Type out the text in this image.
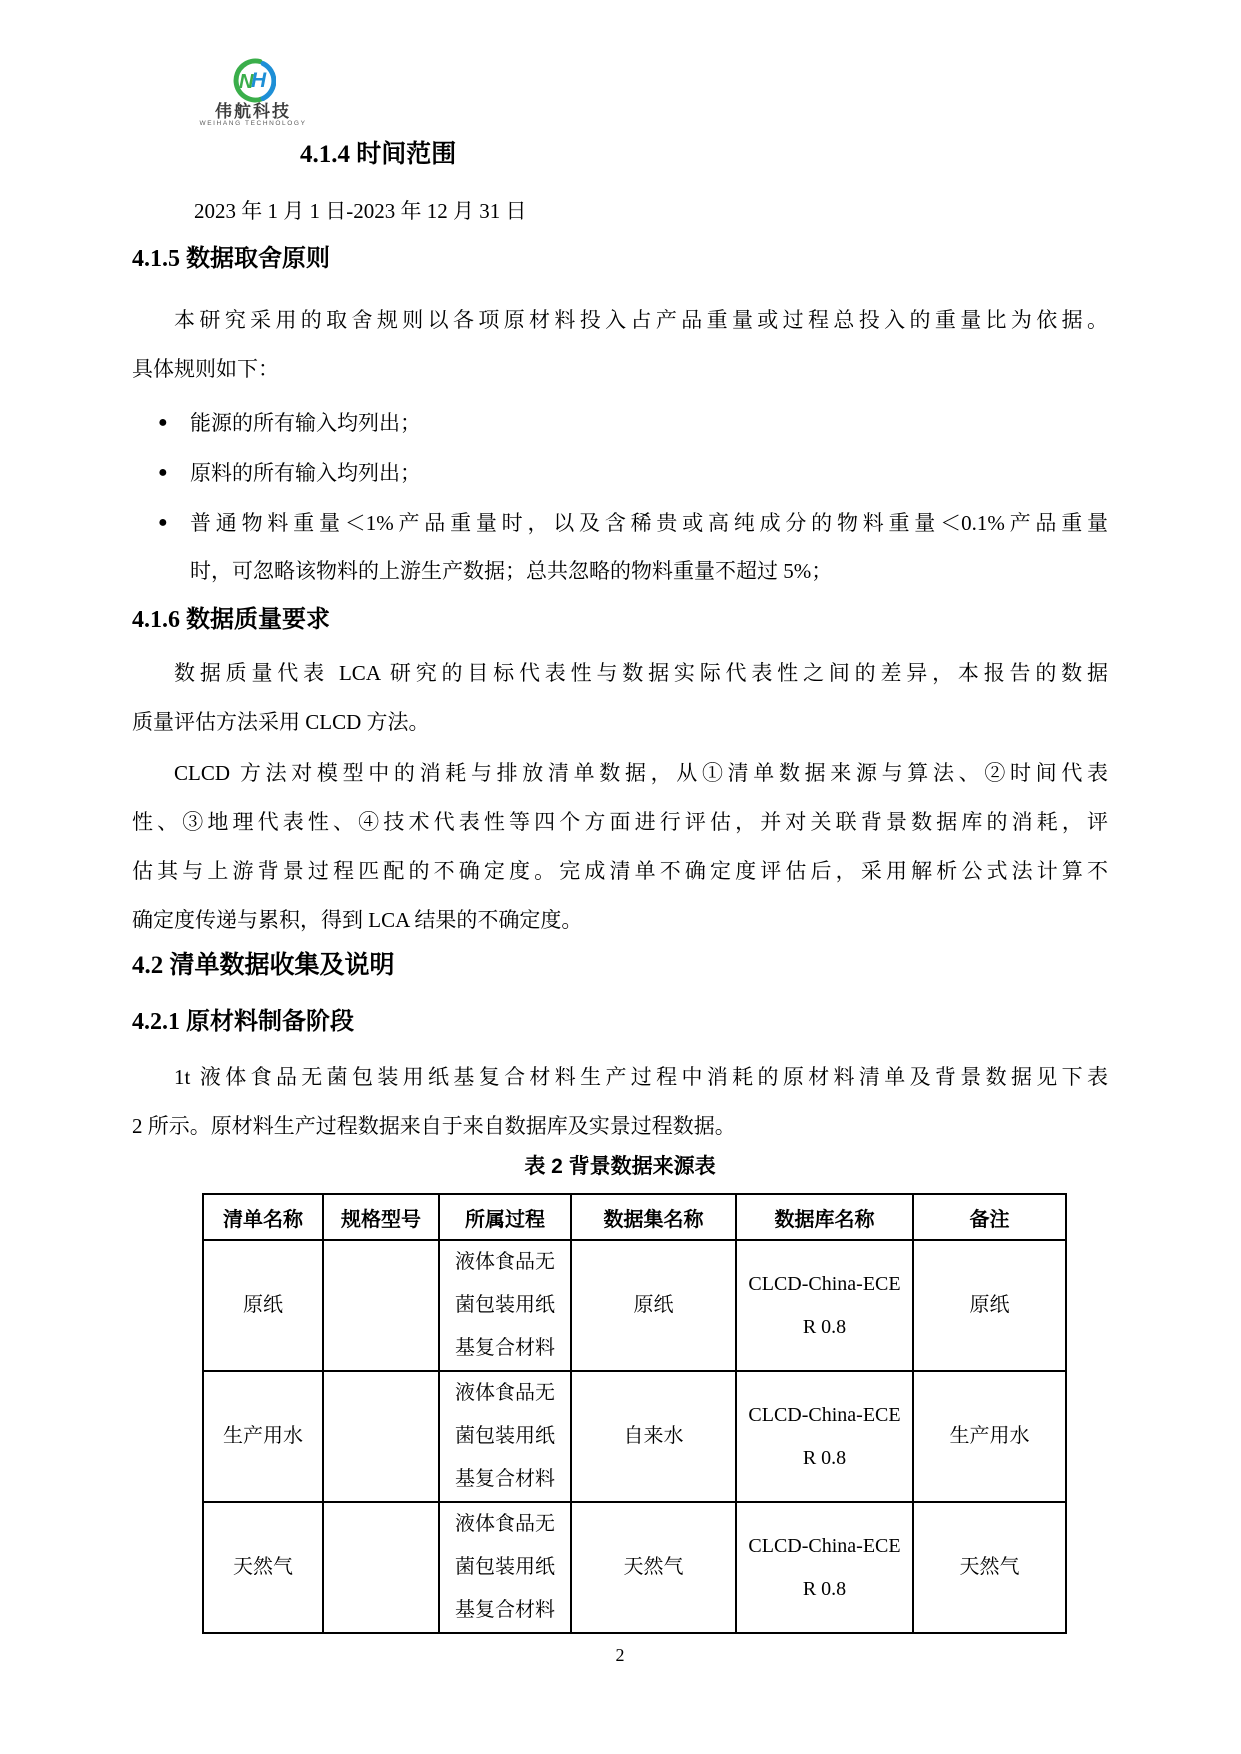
N
H
伟航科技
WEIHANG TECHNOLOGY
4.1.4 时间范围
2023 年 1 月 1 日-2023 年 12 月 31 日
4.1.5 数据取舍原则
本研究采用的取舍规则以各项原材料投入占产品重量或过程总投入的重量比为依据。
具体规则如下：
● 能源的所有输入均列出；
● 原料的所有输入均列出；
● 普通物料重量＜1%产品重量时，以及含稀贵或高纯成分的物料重量＜0.1%产品重量
时，可忽略该物料的上游生产数据；总共忽略的物料重量不超过 5%；
4.1.6 数据质量要求
数据质量代表 LCA 研究的目标代表性与数据实际代表性之间的差异，本报告的数据
质量评估方法采用 CLCD 方法。
CLCD 方法对模型中的消耗与排放清单数据，从①清单数据来源与算法、②时间代表
性、③地理代表性、④技术代表性等四个方面进行评估，并对关联背景数据库的消耗，评
估其与上游背景过程匹配的不确定度。完成清单不确定度评估后，采用解析公式法计算不
确定度传递与累积，得到 LCA 结果的不确定度。
4.2 清单数据收集及说明
4.2.1 原材料制备阶段
1t 液体食品无菌包装用纸基复合材料生产过程中消耗的原材料清单及背景数据见下表
2 所示。原材料生产过程数据来自于来自数据库及实景过程数据。
表 2 背景数据来源表
清单名称	规格型号	所属过程	数据集名称	数据库名称	备注
原纸		液体食品无菌包装用纸基复合材料	原纸	CLCD-China-ECER 0.8	原纸
生产用水		液体食品无菌包装用纸基复合材料	自来水	CLCD-China-ECER 0.8	生产用水
天然气		液体食品无菌包装用纸基复合材料	天然气	CLCD-China-ECER 0.8	天然气
2
